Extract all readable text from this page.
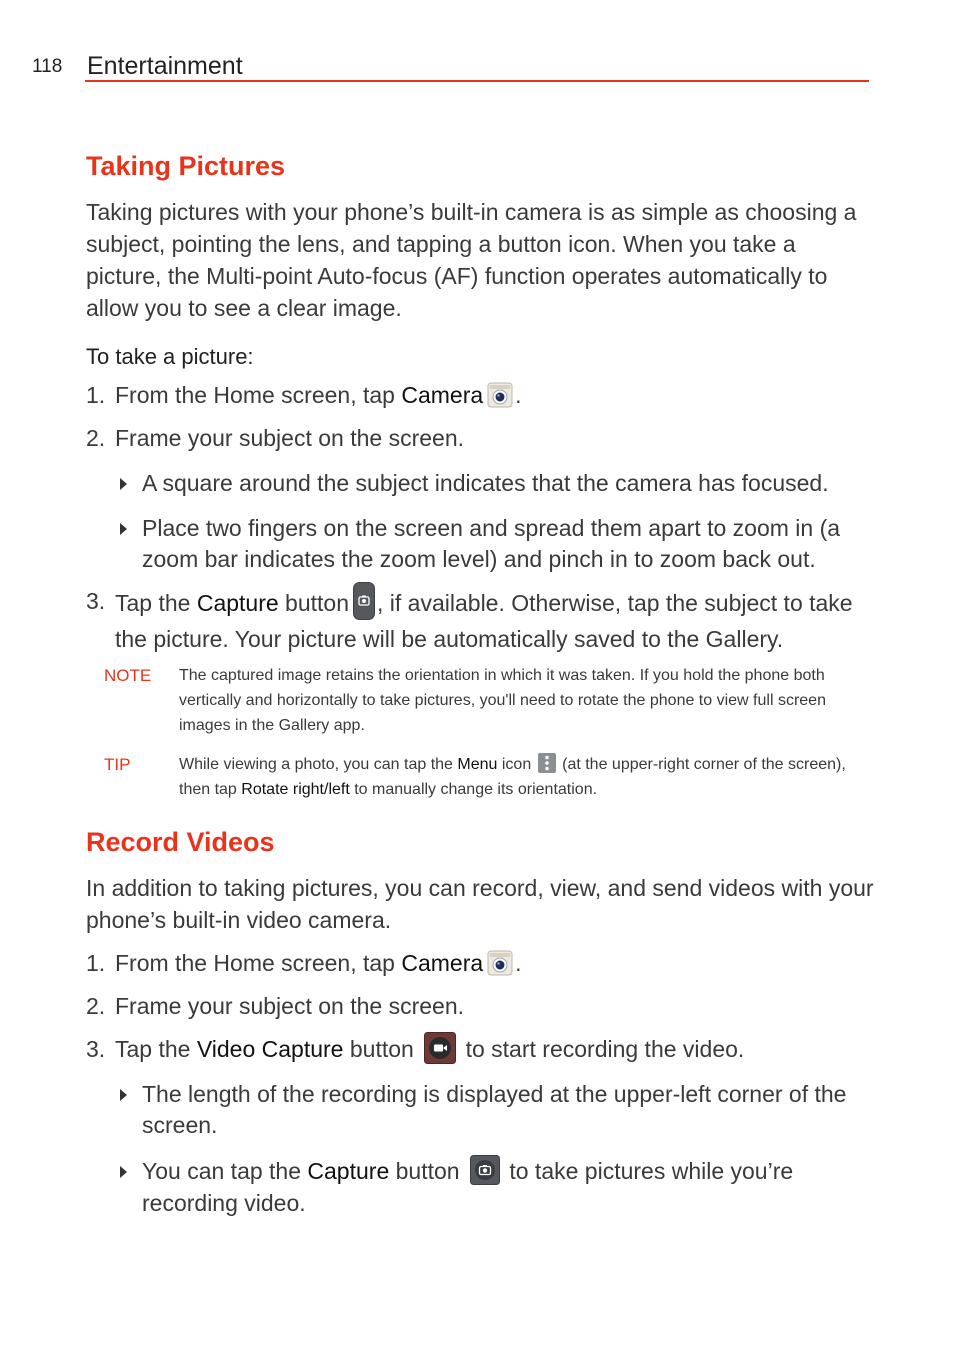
118 Entertainment
Taking Pictures

Taking pictures with your phone’s built-in camera is as simple as choosing a subject, pointing the lens, and tapping a button icon. When you take a picture, the Multi-point Auto-focus (AF) function operates automatically to allow you to see a clear image.

To take a picture:
1. From the Home screen, tap Camera .
2. Frame your subject on the screen.
A square around the subject indicates that the camera has focused.
Place two fingers on the screen and spread them apart to zoom in (a zoom bar indicates the zoom level) and pinch in to zoom back out.
3. Tap the Capture button , if available. Otherwise, tap the subject to take the picture. Your picture will be automatically saved to the Gallery.
NOTE The captured image retains the orientation in which it was taken. If you hold the phone both vertically and horizontally to take pictures, you'll need to rotate the phone to view full screen images in the Gallery app.
TIP	While viewing a photo, you can tap the Menu icon  (at the upper-right corner of the screen), then tap Rotate right/left to manually change its orientation.
Record Videos

In addition to taking pictures, you can record, view, and send videos with your phone’s built-in video camera.

1. From the Home screen, tap Camera .
2. Frame your subject on the screen.
3. Tap the Video Capture button  to start recording the video.
The length of the recording is displayed at the upper-left corner of the screen.
You can tap the Capture button  to take pictures while you’re recording video.
